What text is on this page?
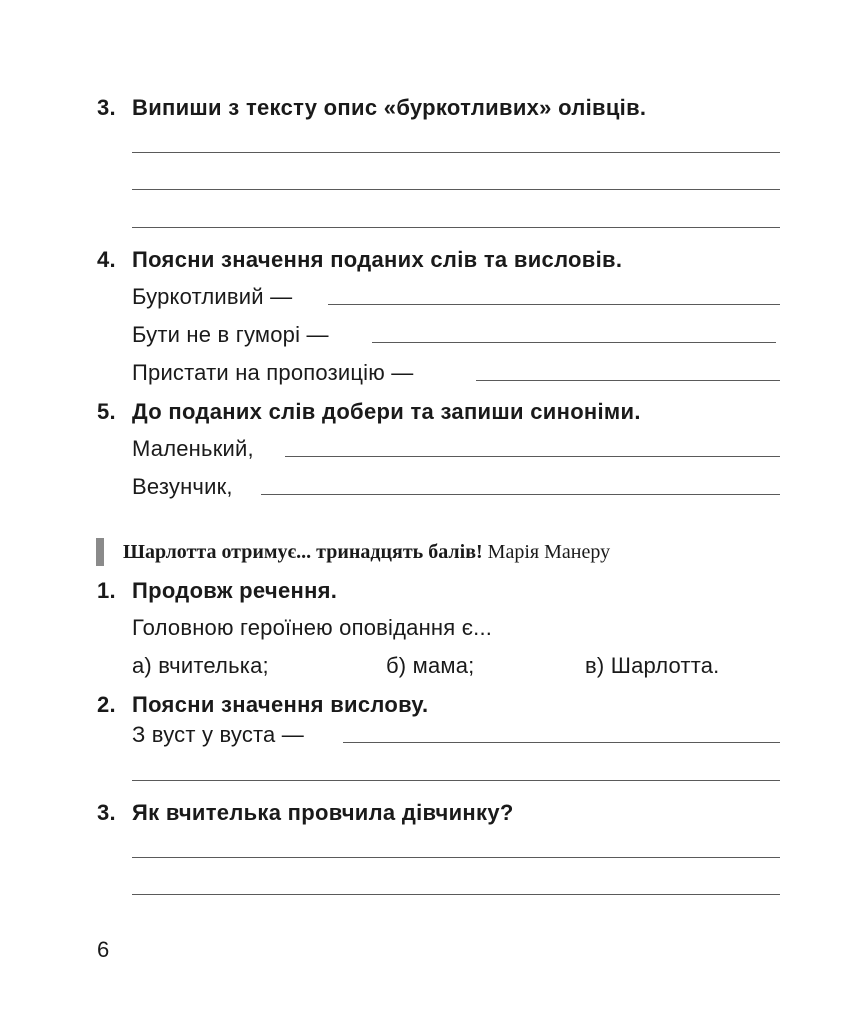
3. Випиши з тексту опис «буркотливих» олівців.
4. Поясни значення поданих слів та висловів.
Буркотливий —
Бути не в гуморі —
Пристати на пропозицію —
5. До поданих слів добери та запиши синоніми.
Маленький,
Везунчик,
Шарлотта отримує... тринадцять балів! Марія Манеру
1. Продовж речення.
Головною героїнею оповідання є...
а) вчителька;	б) мама;	в) Шарлотта.
2. Поясни значення вислову.
З вуст у вуста —
3. Як вчителька провчила дівчинку?
6
